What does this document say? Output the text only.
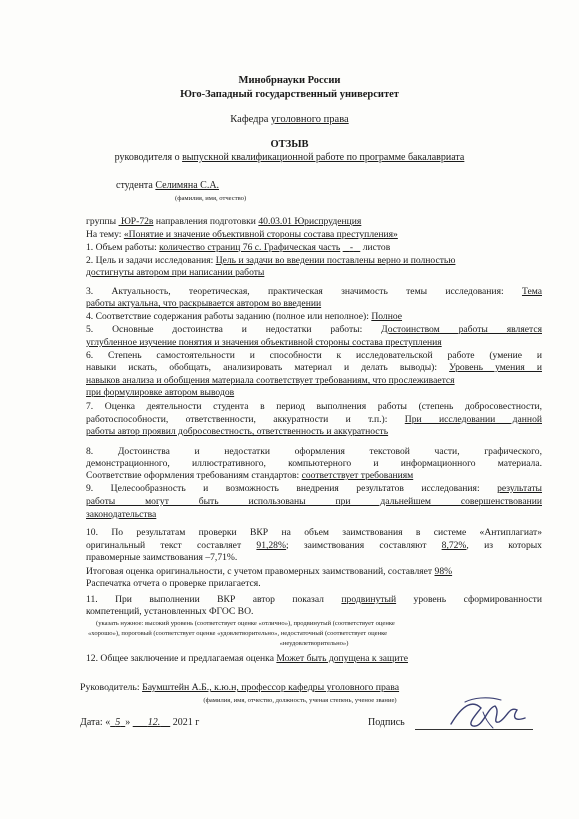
Минобрнауки России
Юго-Западный государственный университет
Кафедра уголовного права
ОТЗЫВ
руководителя о выпускной квалификационной работе по программе бакалавриата
студента Селимяна С.А.
(фамилия, имя, отчество)
группы ЮР-72в направления подготовки 40.03.01 Юриспруденция
На тему: «Понятие и значение объективной стороны состава преступления»
1. Объем работы: количество страниц 76 с. Графическая часть - листов
2. Цель и задачи исследования: Цель и задачи во введении поставлены верно и полностью
достигнуты автором при написании работы
3. Актуальность, теоретическая, практическая значимость темы исследования: Тема
работы актуальна, что раскрывается автором во введении
4. Соответствие содержания работы заданию (полное или неполное): Полное
5. Основные достоинства и недостатки работы: Достоинством работы является
углубленное изучение понятия и значения объективной стороны состава преступления
6. Степень самостоятельности и способности к исследовательской работе (умение и
навыки искать, обобщать, анализировать материал и делать выводы): Уровень умения и
навыков анализа и обобщения материала соответствует требованиям, что прослеживается
при формулировке автором выводов
7. Оценка деятельности студента в период выполнения работы (степень добросовестности,
работоспособности, ответственности, аккуратности и т.п.): При исследовании данной
работы автор проявил добросовестность, ответственность и аккуратность
8. Достоинства и недостатки оформления текстовой части, графического,
демонстрационного, иллюстративного, компьютерного и информационного материала.
Соответствие оформления требованиям стандартов: соответствует требованиям
9. Целесообразность и возможность внедрения результатов исследования: результаты
работы могут быть использованы при дальнейшем совершенствовании
законодательства
10. По результатам проверки ВКР на объем заимствования в системе «Антиплагиат»
оригинальный текст составляет 91,28%; заимствования составляют 8,72%, из которых
правомерные заимствования –7,71%.
Итоговая оценка оригинальности, с учетом правомерных заимствований, составляет 98%
Распечатка отчета о проверке прилагается.
11. При выполнении ВКР автор показал продвинутый уровень сформированности
компетенций, установленных ФГОС ВО.
(указать нужное: высокий уровень (соответствует оценке «отлично»), продвинутый (соответствует оценке
«хорошо»), пороговый (соответствует оценке «удовлетворительно», недостаточный (соответствует оценке
«неудовлетворительно»)
12. Общее заключение и предлагаемая оценка Может быть допущена к защите
Руководитель: Баумштейн А.Б., к.ю.н, профессор кафедры уголовного права
(фамилия, имя, отчество, должность, ученая степень, ученое звание)
Дата: « 5 » 12. 2021 г	Подпись
